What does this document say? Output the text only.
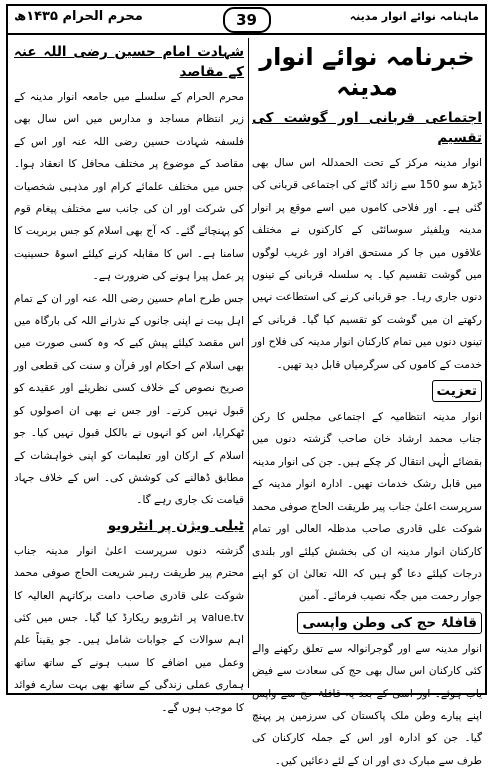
محرم الحرام ۱۴۳۵ھ	39	ماہنامہ نوائے انوار مدینہ
خبرنامہ نوائے انوار مدینہ
اجتماعی قربانی اور گوشت کی تقسیم

انوار مدینہ مرکز کے تحت الحمدللہ اس سال بھی ڈیڑھ سو 150 سے زائد گائے کی اجتماعی قربانی کی گئی ہے۔ اور فلاحی کاموں میں اسے موقع پر انوار مدینہ ویلفیئر سوسائٹی کے کارکنوں نے مختلف علاقوں میں جا کر مستحق افراد اور غریب لوگوں میں گوشت تقسیم کیا۔ یہ سلسلہ قربانی کے تینوں دنوں جاری رہا۔ جو قربانی کرنے کی استطاعت نہیں رکھتے ان میں گوشت کو تقسیم کیا گیا۔ قربانی کے تینوں دنوں میں تمام کارکنان انوار مدینہ کی فلاح اور خدمت کے کاموں کی سرگرمیاں قابل دید تھیں۔

تعزیت

انوار مدینہ انتظامیہ کے اجتماعی مجلس کا رکن جناب محمد ارشاد خان صاحب گزشتہ دنوں میں بقضائے الٰہی انتقال کر چکے ہیں۔ جن کی انوار مدینہ میں قابل رشک خدمات تھیں۔ ادارہ انوار مدینہ کے سرپرست اعلیٰ جناب پیر طریقت الحاج صوفی محمد شوکت علی قادری صاحب مدظلہ العالی اور تمام کارکنان انوار مدینہ ان کی بخشش کیلئے اور بلندی درجات کیلئے دعا گو ہیں کہ اللہ تعالیٰ ان کو اپنے جوار رحمت میں جگہ نصیب فرمائے۔ آمین

قافلۂ حج کی وطن واپسی

انوار مدینہ سے اور گوجرانوالہ سے تعلق رکھنے والے کئی کارکنان اس سال بھی حج کی سعادت سے فیض یاب ہوئے۔ اور اسی کے بعد یہ قافلۂ حج سے واپس اپنے پیارے وطن ملک پاکستان کی سرزمین پر پہنچ گیا۔ جن کو ادارہ اور اس کے جملہ کارکنان کی طرف سے مبارک دی اور ان کے لئے دعائیں کیں۔

شہادت امام حسین رضی اللہ عنہ کے مقاصد

محرم الحرام کے سلسلے میں جامعہ انوار مدینہ کے زیر انتظام مساجد و مدارس میں اس سال بھی فلسفہ شہادت حسین رضی اللہ عنہ اور اس کے مقاصد کے موضوع پر مختلف محافل کا انعقاد ہوا۔ جس میں مختلف علمائے کرام اور مذہبی شخصیات کی شرکت اور ان کی جانب سے مختلف پیغام قوم کو پہنچائے گئے۔ کہ آج بھی اسلام کو جس بربریت کا سامنا ہے۔ اس کا مقابلہ کرنے کیلئے اسوۂ حسینیت پر عمل پیرا ہونے کی ضرورت ہے۔

جس طرح امام حسین رضی اللہ عنہ اور ان کے تمام اہل بیت نے اپنی جانوں کے نذرانے اللہ کی بارگاہ میں اس مقصد کیلئے پیش کیے کہ وہ کسی صورت میں بھی اسلام کے احکام اور قرآن و سنت کی قطعی اور صریح نصوص کے خلاف کسی نظریئے اور عقیدے کو قبول نہیں کرتے۔ اور جس نے بھی ان اصولوں کو ٹھکرایا، اس کو انہوں نے بالکل قبول نہیں کیا۔ جو اسلام کے ارکان اور تعلیمات کو اپنی خواہشات کے مطابق ڈھالنے کی کوشش کی۔ اس کے خلاف جہاد قیامت تک جاری رہے گا۔

ٹیلی ویژن پر انٹرویو

گزشتہ دنوں سرپرست اعلیٰ انوار مدینہ جناب محترم پیر طریقت رہبر شریعت الحاج صوفی محمد شوکت علی قادری صاحب دامت برکاتہم العالیہ کا value.tv پر انٹرویو ریکارڈ کیا گیا۔ جس میں کئی اہم سوالات کے جوابات شامل ہیں۔ جو یقیناً علم وعمل میں اضافے کا سبب ہونے کے ساتھ ساتھ ہماری عملی زندگی کے ساتھ بھی بہت سارے فوائد کا موجب ہوں گے۔
